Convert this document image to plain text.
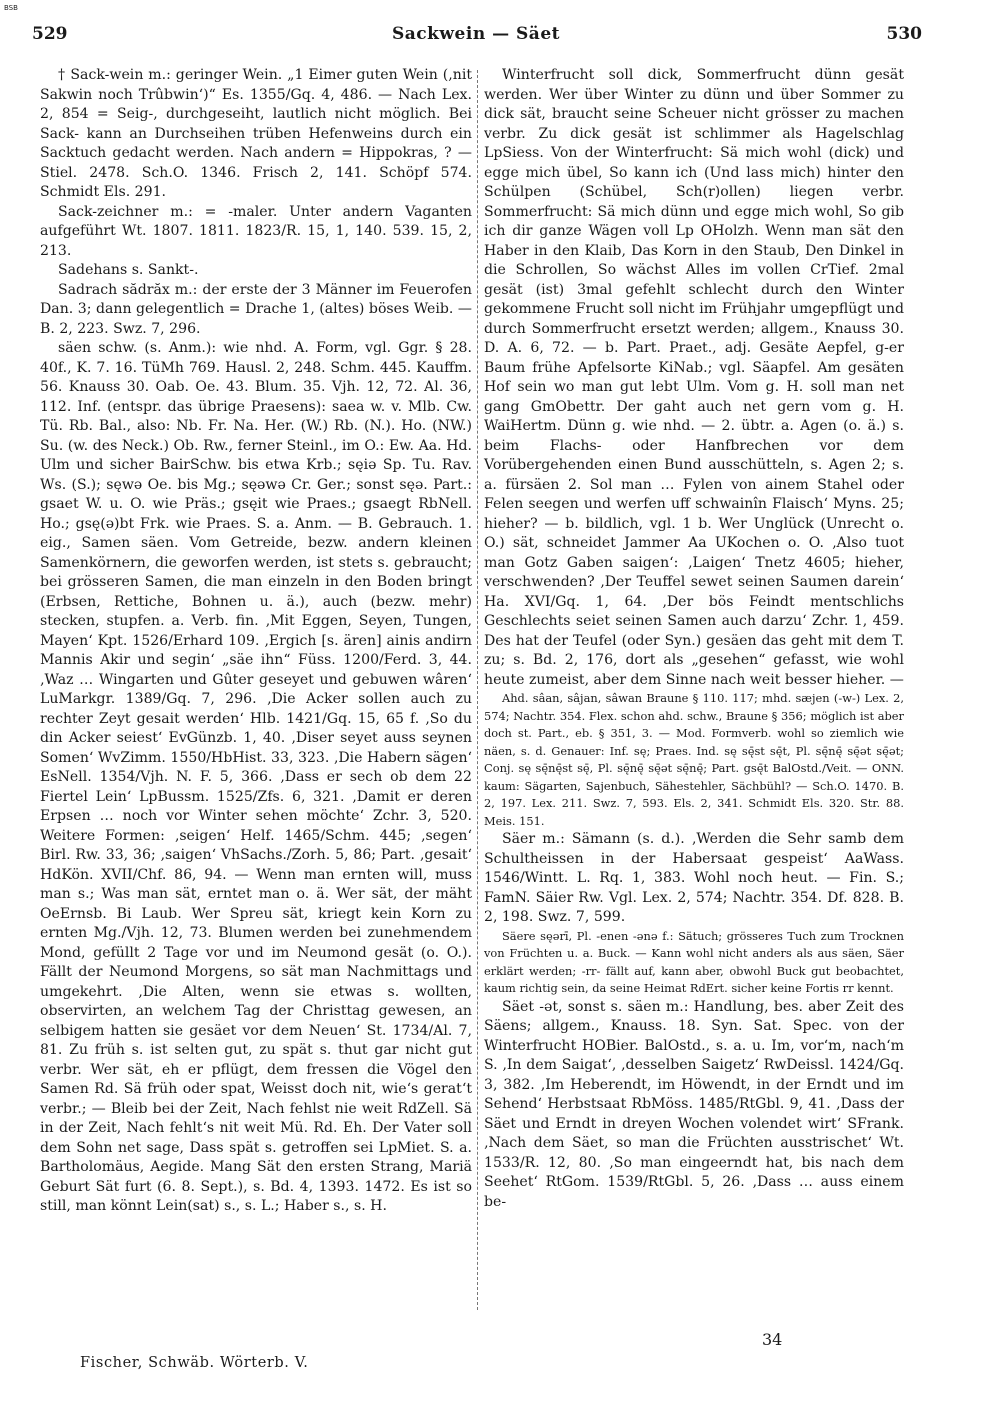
BSB
529	Sackwein — Säet	530

† Sack-wein m.: geringer Wein. „1 Eimer guten Wein (,nit Sakwin noch Trûbwin‘)“ Es. 1355/Gq. 4, 486. — Nach Lex. 2, 854 = Seig-, durchgeseiht, lautlich nicht möglich. Bei Sack- kann an Durchseihen trüben Hefenweins durch ein Sacktuch gedacht werden. Nach andern = Hippokras, ? — Stiel. 2478. Sch.O. 1346. Frisch 2, 141. Schöpf 574. Schmidt Els. 291.

Sack-zeichner m.: = -maler. Unter andern Vaganten aufgeführt Wt. 1807. 1811. 1823/R. 15, 1, 140. 539. 15, 2, 213.

Sadehans s. Sankt-.

Sadrach sădrăx m.: der erste der 3 Männer im Feuerofen Dan. 3; dann gelegentlich = Drache 1, (altes) böses Weib. — B. 2, 223. Swz. 7, 296.

säen schw. (s. Anm.): wie nhd. A. Form, vgl. Ggr. § 28. 40f., K. 7. 16. TüMh 769. Hausl. 2, 248. Schm. 445. Kauffm. 56. Knauss 30. Oab. Oe. 43. Blum. 35. Vjh. 12, 72. Al. 36, 112. Inf. (entspr. das übrige Praesens): saea w. v. Mlb. Cw. Tü. Rb. Bal., also: Nb. Fr. Na. Her. (W.) Rb. (N.). Ho. (NW.) Su. (w. des Neck.) Ob. Rw., ferner Steinl., im O.: Ew. Aa. Hd. Ulm und sicher BairSchw. bis etwa Krb.; sęiə Sp. Tu. Rav. Ws. (S.); sęwə Oe. bis Mg.; sęəwə Cr. Ger.; sonst sęə. Part.: gsaet W. u. O. wie Präs.; gsęit wie Praes.; gsaegt RbNell. Ho.; gsę(ə)bt Frk. wie Praes. S. a. Anm. — B. Gebrauch. 1. eig., Samen säen. Vom Getreide, bezw. andern kleinen Samenkörnern, die geworfen werden, ist stets s. gebraucht; bei grösseren Samen, die man einzeln in den Boden bringt (Erbsen, Rettiche, Bohnen u. ä.), auch (bezw. mehr) stecken, stupfen. a. Verb. fin. ‚Mit Eggen, Seyen, Tungen, Mayen‘ Kpt. 1526/Erhard 109. ‚Ergich [s. ären] ainis andirn Mannis Akir und segin‘ „säe ihn“ Füss. 1200/Ferd. 3, 44. ‚Waz … Wingarten und Gûter geseyet und gebuwen wâren‘ LuMarkgr. 1389/Gq. 7, 296. ‚Die Acker sollen auch zu rechter Zeyt gesait werden‘ Hlb. 1421/Gq. 15, 65 f. ‚So du din Acker seiest‘ EvGünzb. 1, 40. ‚Diser seyet auss seynen Somen‘ WvZimm. 1550/HbHist. 33, 323. ‚Die Habern sägen‘ EsNell. 1354/Vjh. N. F. 5, 366. ‚Dass er sech ob dem 22 Fiertel Lein‘ LpBussm. 1525/Zfs. 6, 321. ‚Damit er deren Erpsen … noch vor Winter sehen möchte‘ Zchr. 3, 520. Weitere Formen: ‚seigen‘ Helf. 1465/Schm. 445; ‚segen‘ Birl. Rw. 33, 36; ‚saigen‘ VhSachs./Zorh. 5, 86; Part. ‚gesait‘ HdKön. XVII/Chf. 86, 94. — Wenn man ernten will, muss man s.; Was man sät, erntet man o. ä. Wer sät, der mäht OeErnsb. Bi Laub. Wer Spreu sät, kriegt kein Korn zu ernten Mg./Vjh. 12, 73. Blumen werden bei zunehmendem Mond, gefüllt 2 Tage vor und im Neumond gesät (o. O.). Fällt der Neumond Morgens, so sät man Nachmittags und umgekehrt. ‚Die Alten, wenn sie etwas s. wollten, observirten, an welchem Tag der Christtag gewesen, an selbigem hatten sie gesäet vor dem Neuen‘ St. 1734/Al. 7, 81. Zu früh s. ist selten gut, zu spät s. thut gar nicht gut verbr. Wer sät, eh er pflügt, dem fressen die Vögel den Samen Rd. Sä früh oder spat, Weisst doch nit, wie‘s gerat‘t verbr.; — Bleib bei der Zeit, Nach fehlst nie weit RdZell. Sä in der Zeit, Nach fehlt‘s nit weit Mü. Rd. Eh. Der Vater soll dem Sohn net sage, Dass spät s. getroffen sei LpMiet. S. a. Bartholomäus, Aegide. Mang Sät den ersten Strang, Mariä Geburt Sät furt (6. 8. Sept.), s. Bd. 4, 1393. 1472. Es ist so still, man könnt Lein(sat) s., s. L.; Haber s., s. H.

Winterfrucht soll dick, Sommerfrucht dünn gesät werden. Wer über Winter zu dünn und über Sommer zu dick sät, braucht seine Scheuer nicht grösser zu machen verbr. Zu dick gesät ist schlimmer als Hagelschlag LpSiess. Von der Winterfrucht: Sä mich wohl (dick) und egge mich übel, So kann ich (Und lass mich) hinter den Schülpen (Schübel, Sch(r)ollen) liegen verbr. Sommerfrucht: Sä mich dünn und egge mich wohl, So gib ich dir ganze Wägen voll Lp OHolzh. Wenn man sät den Haber in den Klaib, Das Korn in den Staub, Den Dinkel in die Schrollen, So wächst Alles im vollen CrTief. 2mal gesät (ist) 3mal gefehlt schlecht durch den Winter gekommene Frucht soll nicht im Frühjahr umgepflügt und durch Sommerfrucht ersetzt werden; allgem., Knauss 30. D. A. 6, 72. — b. Part. Praet., adj. Gesäte Aepfel, g-er Baum frühe Apfelsorte KiNab.; vgl. Säapfel. Am gesäten Hof sein wo man gut lebt Ulm. Vom g. H. soll man net gang GmObettr. Der gaht auch net gern vom g. H. WaiHertm. Dünn g. wie nhd. — 2. übtr. a. Agen (o. ä.) s. beim Flachs- oder Hanfbrechen vor dem Vorübergehenden einen Bund ausschütteln, s. Agen 2; s. a. fürsäen 2. Sol man … Fylen von ainem Stahel oder Felen seegen und werfen uff schwainîn Flaisch‘ Myns. 25; hieher? — b. bildlich, vgl. 1 b. Wer Unglück (Unrecht o. O.) sät, schneidet Jammer Aa UKochen o. O. ‚Also tuot man Gotz Gaben saigen‘: ‚Laigen‘ Tnetz 4605; hieher, verschwenden? ‚Der Teuffel sewet seinen Saumen darein‘ Ha. XVI/Gq. 1, 64. ‚Der bös Feindt mentschlichs Geschlechts seiet seinen Samen auch darzu‘ Zchr. 1, 459. Des hat der Teufel (oder Syn.) gesäen das geht mit dem T. zu; s. Bd. 2, 176, dort als „gesehen“ gefasst, wie wohl heute zumeist, aber dem Sinne nach weit besser hieher. —

Ahd. sâan, sâjan, sâwan Braune § 110. 117; mhd. sæjen (-w-) Lex. 2, 574; Nachtr. 354. Flex. schon ahd. schw., Braune § 356; möglich ist aber doch st. Part., eb. § 351, 3. — Mod. Formverb. wohl so ziemlich wie näen, s. d. Genauer: Inf. sę; Praes. Ind. sę sę̄st sę̄t, Pl. sę̄nę̄ sę̄ət sę̄ət; Conj. sę sę̄nę̄st sę̄, Pl. sę̄nę̄ sę̄ət sę̄nę̄; Part. gsę̄t BalOstd./Veit. — ONN. kaum: Sägarten, Sajenbuch, Sähestehler, Sächbühl? — Sch.O. 1470. B. 2, 197. Lex. 211. Swz. 7, 593. Els. 2, 341. Schmidt Els. 320. Str. 88. Meis. 151.

Säer m.: Sämann (s. d.). ‚Werden die Sehr samb dem Schultheissen in der Habersaat gespeist‘ AaWass. 1546/Wintt. L. Rq. 1, 383. Wohl noch heut. — Fin. S.; FamN. Säier Rw. Vgl. Lex. 2, 574; Nachtr. 354. Df. 828. B. 2, 198. Swz. 7, 599.

Säere sęərī, Pl. -enen -ənə f.: Sätuch; grösseres Tuch zum Trocknen von Früchten u. a. Buck. — Kann wohl nicht anders als aus säen, Säer erklärt werden; -rr- fällt auf, kann aber, obwohl Buck gut beobachtet, kaum richtig sein, da seine Heimat RdErt. sicher keine Fortis rr kennt.

Säet -ət, sonst s. säen m.: Handlung, bes. aber Zeit des Säens; allgem., Knauss. 18. Syn. Sat. Spec. von der Winterfrucht HOBier. BalOstd., s. a. u. Im, vor‘m, nach‘m S. ‚In dem Saigat‘, ‚desselben Saigetz‘ RwDeissl. 1424/Gq. 3, 382. ‚Im Heberendt, im Höwendt, in der Erndt und im Sehend‘ Herbstsaat RbMöss. 1485/RtGbl. 9, 41. ‚Dass der Säet und Erndt in dreyen Wochen volendet wirt‘ SFrank. ‚Nach dem Säet, so man die Früchten ausstrischet‘ Wt. 1533/R. 12, 80. ‚So man eingeerndt hat, bis nach dem Seehet‘ RtGom. 1539/RtGbl. 5, 26. ‚Dass … auss einem be-

Fischer, Schwäb. Wörterb. V.
34
